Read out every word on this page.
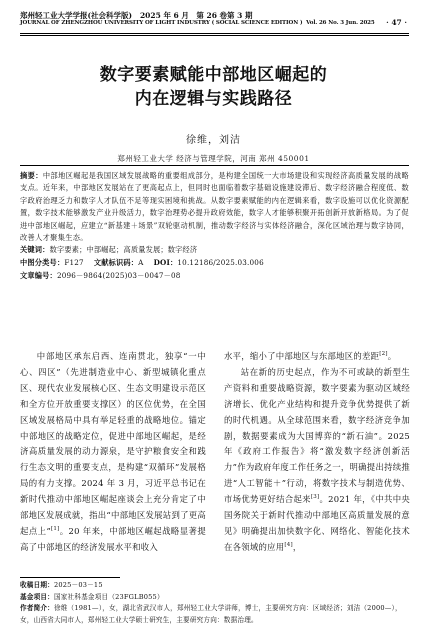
郑州轻工业大学学报(社会科学版) 2025 年 6 月　第 26 卷第 3 期
JOURNAL OF ZHENGZHOU UNIVERSITY OF LIGHT INDUSTRY ( SOCIAL SCIENCE EDITION ) Vol. 26 No. 3 Jun. 2025 · 47 ·
数字要素赋能中部地区崛起的
内在逻辑与实践路径
徐维，刘洁
郑州轻工业大学 经济与管理学院，河南 郑州 450001
摘要：中部地区崛起是我国区域发展战略的重要组成部分，是构建全国统一大市场建设和实现经济高质量发展的战略支点。近年来，中部地区发展站在了更高起点上，但同时也面临着数字基础设施建设滞后、数字经济融合程度低、数字政府治理乏力和数字人才队伍不足等现实困境和挑战。从数字要素赋能的内在逻辑来看，数字设施可以优化资源配置，数字技术能够激发产业升级活力，数字治理势必提升政府效能，数字人才能够积聚开拓创新开放新格局。为了促进中部地区崛起，应建立“新基建＋场景”双轮驱动机制，推动数字经济与实体经济融合，深化区域治理与数字协同，改善人才聚集生态。
关键词：数字要素；中部崛起；高质量发展；数字经济
中图分类号：F127 文献标识码：A DOI：10.12186/2025.03.006
文章编号：2096－9864(2025)03－0047－08

中部地区承东启西、连南贯北，独享“一中心、四区”（先进制造业中心、新型城镇化重点区、现代农业发展核心区、生态文明建设示范区和全方位开放重要支撑区）的区位优势，在全国区域发展格局中具有举足轻重的战略地位。锚定中部地区的战略定位，促进中部地区崛起，是经济高质量发展的动力源泉，是守护粮食安全和践行生态文明的重要支点，是构建“双循环”发展格局的有力支撑。2024 年 3 月，习近平总书记在新时代推动中部地区崛起座谈会上充分肯定了中部地区发展成就，指出“中部地区发展站到了更高起点上”[1]。20 年来，中部地区崛起战略显著提高了中部地区的经济发展水平和收入

水平，缩小了中部地区与东部地区的差距[2]。

站在新的历史起点，作为不可或缺的新型生产资料和重要战略资源，数字要素为驱动区域经济增长、优化产业结构和提升竞争优势提供了新的时代机遇。从全球范围来看，数字经济竞争加剧，数据要素成为大国博弈的“新石油”。2025 年《政府工作报告》将“激发数字经济创新活力”作为政府年度工作任务之一，明确提出持续推进“人工智能＋”行动，将数字技术与制造优势、市场优势更好结合起来[3]。2021 年，《中共中央　国务院关于新时代推动中部地区高质量发展的意见》明确提出加快数字化、网络化、智能化技术在各领域的应用[4]，

收稿日期：2025－03－15
基金项目：国家社科基金项目（23FGLB055）
作者简介：徐维（1981—），女，湖北省武汉市人，郑州轻工业大学讲师，博士，主要研究方向：区域经济；刘洁（2000—），女，山西省大同市人，郑州轻工业大学硕士研究生，主要研究方向：数据治理。
